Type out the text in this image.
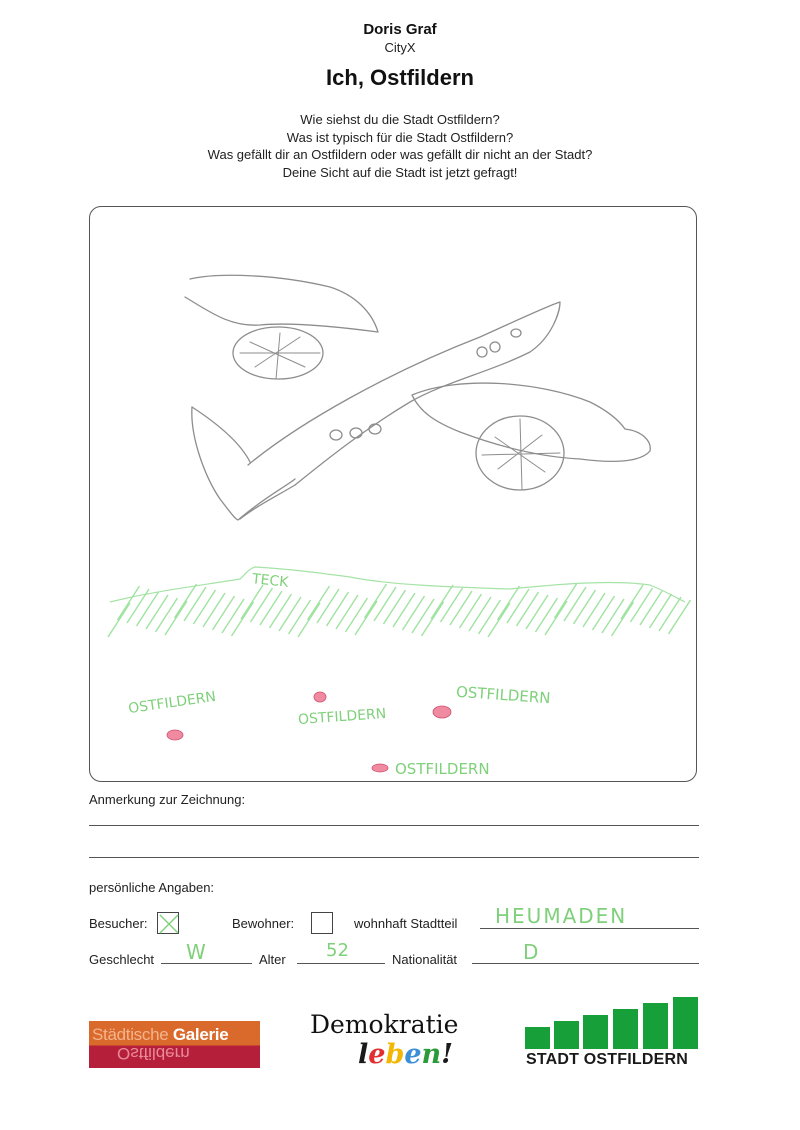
Doris Graf
CityX
Ich, Ostfildern
Wie siehst du die Stadt Ostfildern?
Was ist typisch für die Stadt Ostfildern?
Was gefällt dir an Ostfildern oder was gefällt dir nicht an der Stadt?
Deine Sicht auf die Stadt ist jetzt gefragt!
TECK
OSTFILDERN	OSTFILDERN
OSTFILDERN
OSTFILDERN
Anmerkung zur Zeichnung:
persönliche Angaben:
Besucher:	Bewohner:	wohnhaft Stadtteil HEUMADEN
Geschlecht W	Alter 52	Nationalität	D
Städtische Galerie
Ostfildern
Demokratie
leben!	STADT OSTFILDERN
